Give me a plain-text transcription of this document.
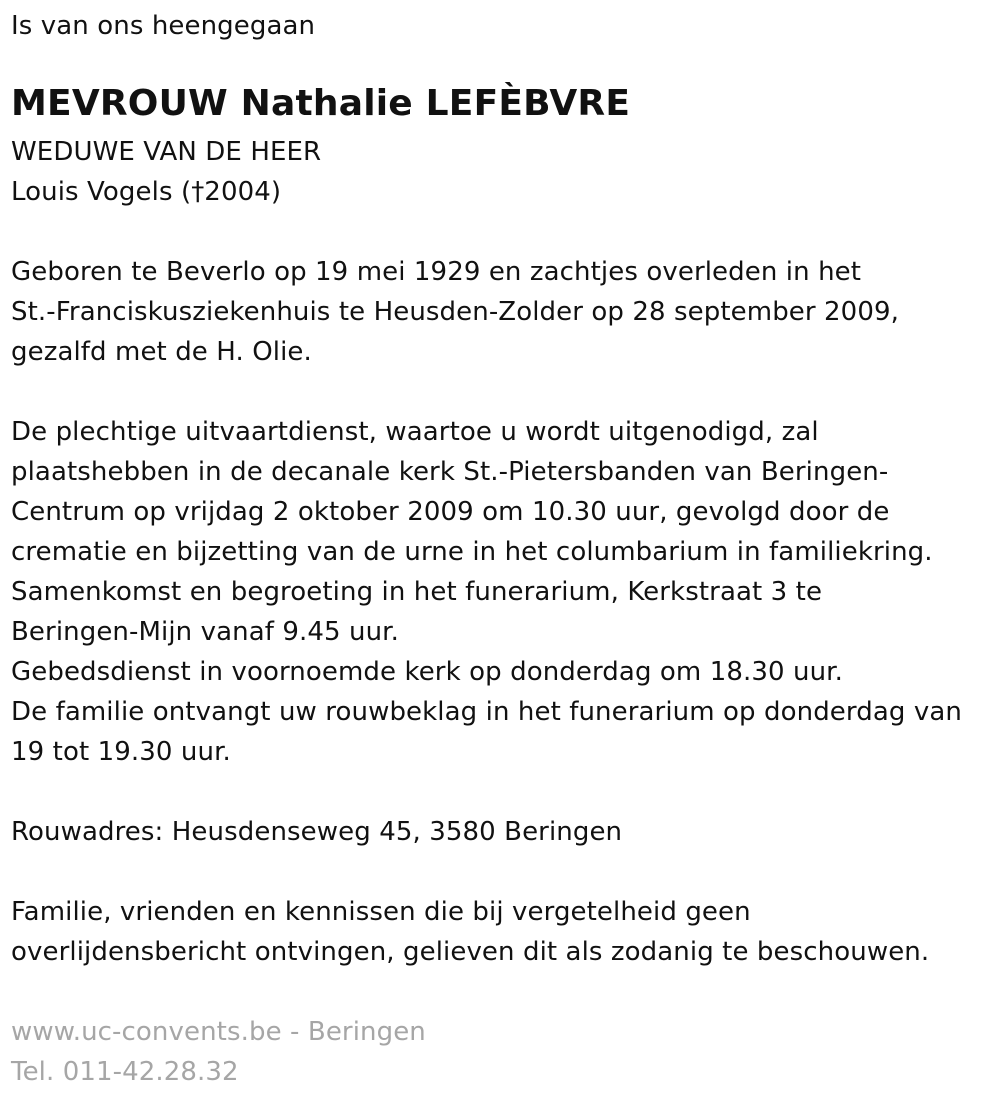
Is van ons heengegaan

MEVROUW Nathalie LEFÈBVRE

WEDUWE VAN DE HEER

Louis Vogels (†2004)

Geboren te Beverlo op 19 mei 1929 en zachtjes overleden in het

St.-Franciskusziekenhuis te Heusden-Zolder op 28 september 2009,

gezalfd met de H. Olie.

De plechtige uitvaartdienst, waartoe u wordt uitgenodigd, zal

plaatshebben in de decanale kerk St.-Pietersbanden van Beringen-

Centrum op vrijdag 2 oktober 2009 om 10.30 uur, gevolgd door de

crematie en bijzetting van de urne in het columbarium in familiekring.

Samenkomst en begroeting in het funerarium, Kerkstraat 3 te

Beringen-Mijn vanaf 9.45 uur.

Gebedsdienst in voornoemde kerk op donderdag om 18.30 uur.

De familie ontvangt uw rouwbeklag in het funerarium op donderdag van

19 tot 19.30 uur.

Rouwadres: Heusdenseweg 45, 3580 Beringen

Familie, vrienden en kennissen die bij vergetelheid geen

overlijdensbericht ontvingen, gelieven dit als zodanig te beschouwen.

www.uc-convents.be - Beringen

Tel. 011-42.28.32
